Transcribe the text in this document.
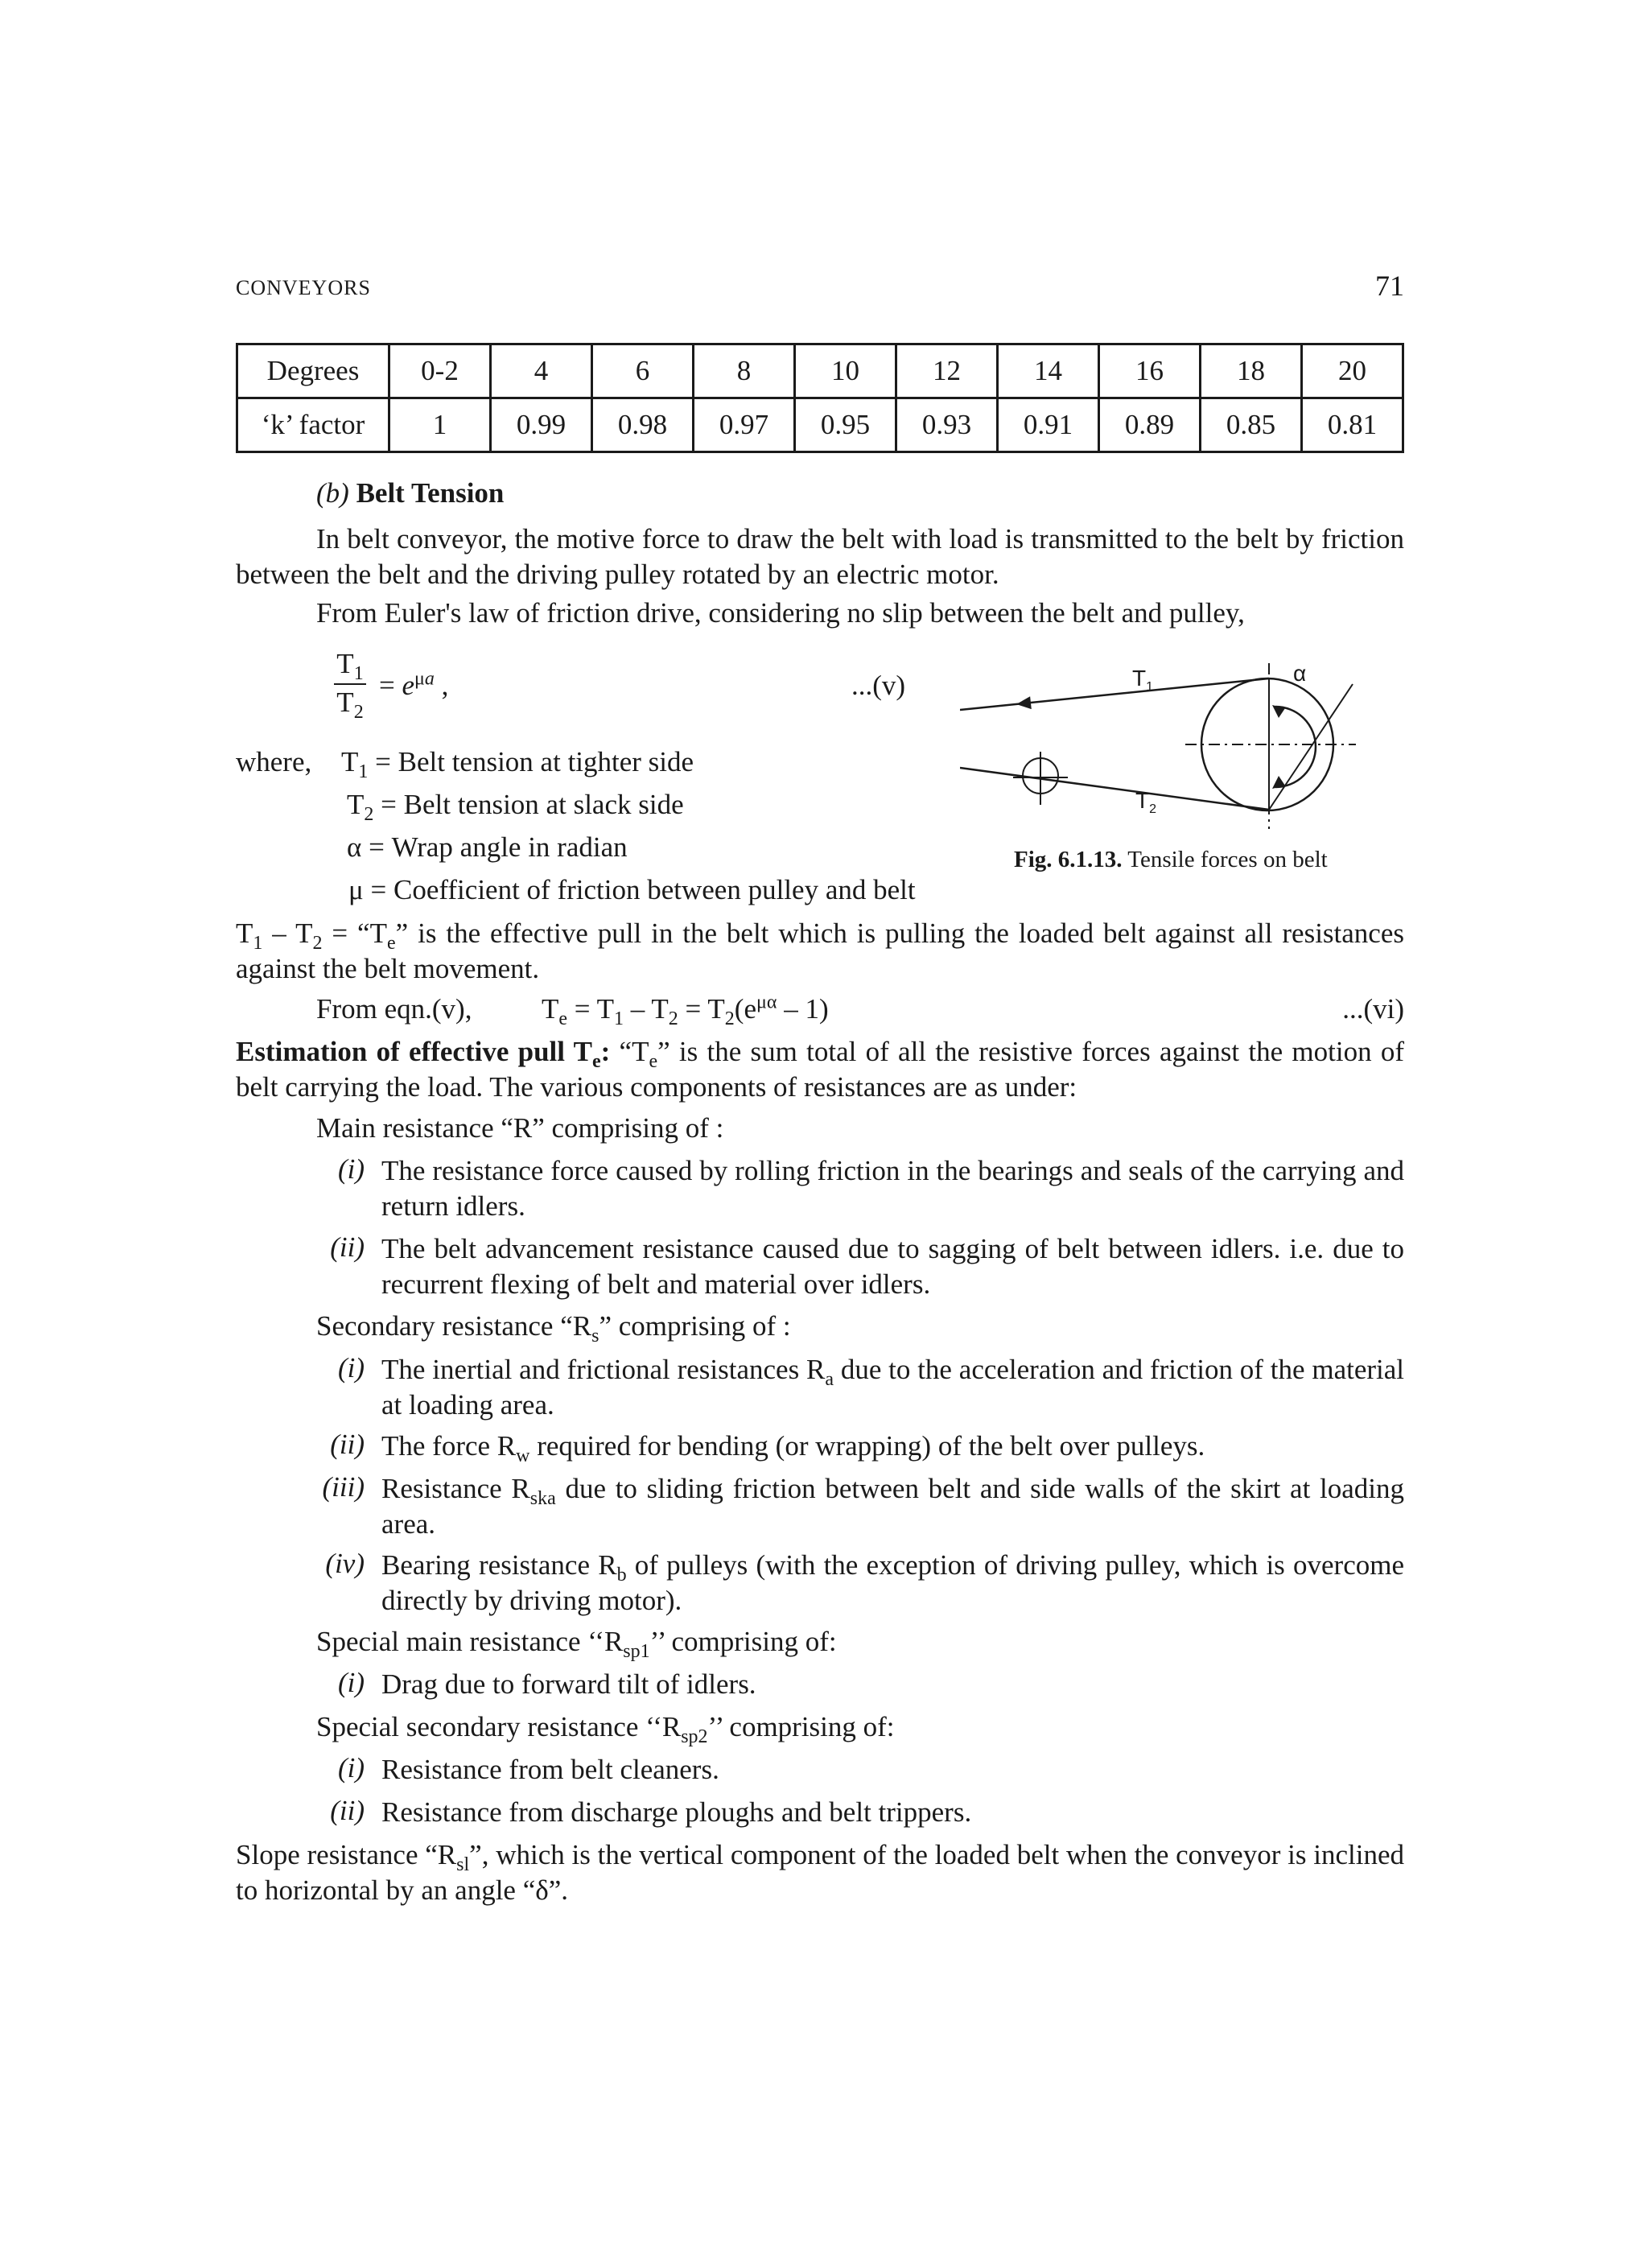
CONVEYORS	71
Degrees	0-2	4	6	8	10	12	14	16	18	20
‘k’ factor	1	0.99	0.98	0.97	0.95	0.93	0.91	0.89	0.85	0.81
(b) Belt Tension
In belt conveyor, the motive force to draw the belt with load is transmitted to the belt by friction between the belt and the driving pulley rotated by an electric motor.
From Euler's law of friction drive, considering no slip between the belt and pulley,
$\frac{T_1}{T_2} = e^{\mu a}$ ,	...(v)
where, $T_1$ = Belt tension at tighter side
$T_2$ = Belt tension at slack side
α = Wrap angle in radian
μ = Coefficient of friction between pulley and belt
$T_1 - T_2$ = “$T_e$” is the effective pull in the belt which is pulling the loaded belt against all resistances against the belt movement.
From eqn.(v), $T_e = T_1 - T_2 = T_2(e^{\mu\alpha} - 1)$	...(vi)
Estimation of effective pull $T_e$: “$T_e$” is the sum total of all the resistive forces against the motion of belt carrying the load. The various components of resistances are as under:
Main resistance “R” comprising of :
(i) The resistance force caused by rolling friction in the bearings and seals of the carrying and return idlers.
(ii) The belt advancement resistance caused due to sagging of belt between idlers. i.e. due to recurrent flexing of belt and material over idlers.
Secondary resistance “$R_s$” comprising of :
(i) The inertial and frictional resistances $R_a$ due to the acceleration and friction of the material at loading area.
(ii) The force $R_w$ required for bending (or wrapping) of the belt over pulleys.
(iii) Resistance $R_{ska}$ due to sliding friction between belt and side walls of the skirt at loading area.
(iv) Bearing resistance $R_b$ of pulleys (with the exception of driving pulley, which is overcome directly by driving motor).
Special main resistance ‘‘$R_{sp1}$’’ comprising of:
(i) Drag due to forward tilt of idlers.
Special secondary resistance ‘‘$R_{sp2}$’’ comprising of:
(i) Resistance from belt cleaners.
(ii) Resistance from discharge ploughs and belt trippers.
Slope resistance “$R_{sl}$”, which is the vertical component of the loaded belt when the conveyor is inclined to horizontal by an angle “δ”.
$T_1$
$T_2$
α
Fig. 6.1.13. Tensile forces on belt
